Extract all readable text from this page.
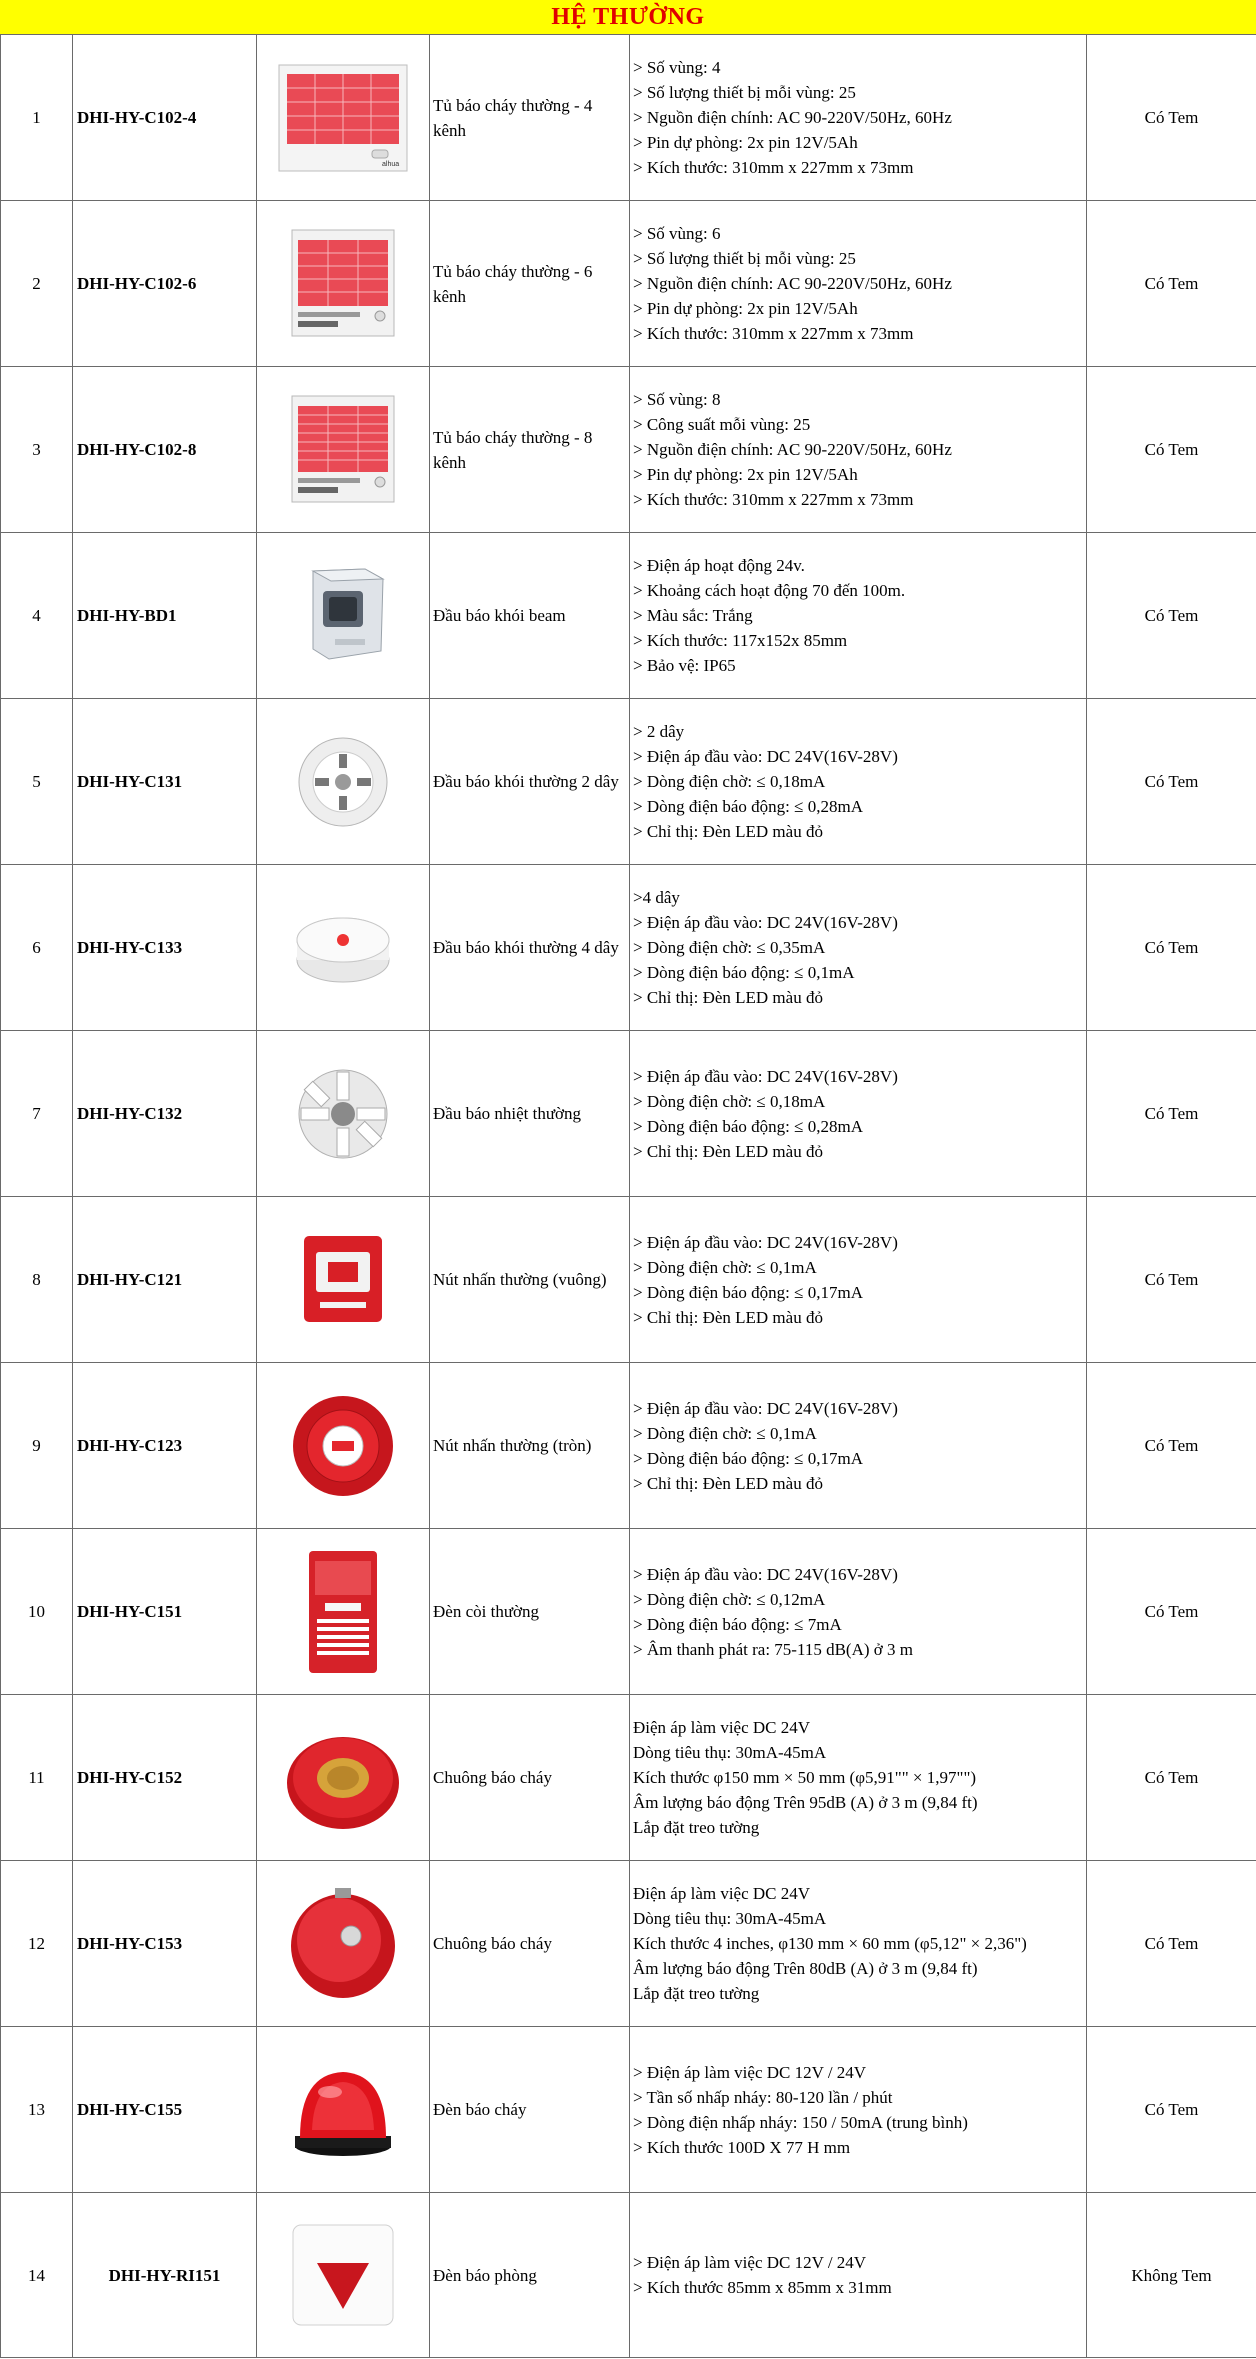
HỆ THƯỜNG
1	DHI-HY-C102-4	alhua	Tủ báo cháy thường - 4 kênh	> Số vùng: 4
> Số lượng thiết bị mỗi vùng: 25
> Nguồn điện chính: AC 90-220V/50Hz, 60Hz
> Pin dự phòng: 2x pin 12V/5Ah
> Kích thước: 310mm x 227mm x 73mm	Có Tem
2	DHI-HY-C102-6		Tủ báo cháy thường - 6 kênh	> Số vùng: 6
> Số lượng thiết bị mỗi vùng: 25
> Nguồn điện chính: AC 90-220V/50Hz, 60Hz
> Pin dự phòng: 2x pin 12V/5Ah
> Kích thước: 310mm x 227mm x 73mm	Có Tem
3	DHI-HY-C102-8		Tủ báo cháy thường - 8 kênh	> Số vùng: 8
> Công suất mỗi vùng: 25
> Nguồn điện chính: AC 90-220V/50Hz, 60Hz
> Pin dự phòng: 2x pin 12V/5Ah
> Kích thước: 310mm x 227mm x 73mm	Có Tem
4	DHI-HY-BD1		Đầu báo khói beam	> Điện áp hoạt động 24v.
> Khoảng cách hoạt động 70 đến 100m.
> Màu sắc: Trắng
> Kích thước: 117x152x 85mm
> Bảo vệ: IP65	Có Tem
5	DHI-HY-C131		Đầu báo khói thường 2 dây	> 2 dây
> Điện áp đầu vào: DC 24V(16V-28V)
> Dòng điện chờ: ≤ 0,18mA
> Dòng điện báo động: ≤ 0,28mA
> Chỉ thị: Đèn LED màu đỏ	Có Tem
6	DHI-HY-C133		Đầu báo khói thường 4 dây	>4 dây
> Điện áp đầu vào: DC 24V(16V-28V)
> Dòng điện chờ: ≤ 0,35mA
> Dòng điện báo động: ≤ 0,1mA
> Chỉ thị: Đèn LED màu đỏ	Có Tem
7	DHI-HY-C132		Đầu báo nhiệt thường	> Điện áp đầu vào: DC 24V(16V-28V)
> Dòng điện chờ: ≤ 0,18mA
> Dòng điện báo động: ≤ 0,28mA
> Chỉ thị: Đèn LED màu đỏ	Có Tem
8	DHI-HY-C121		Nút nhấn thường (vuông)	> Điện áp đầu vào: DC 24V(16V-28V)
> Dòng điện chờ: ≤ 0,1mA
> Dòng điện báo động: ≤ 0,17mA
> Chỉ thị: Đèn LED màu đỏ	Có Tem
9	DHI-HY-C123		Nút nhấn thường (tròn)	> Điện áp đầu vào: DC 24V(16V-28V)
> Dòng điện chờ: ≤ 0,1mA
> Dòng điện báo động: ≤ 0,17mA
> Chỉ thị: Đèn LED màu đỏ	Có Tem
10	DHI-HY-C151		Đèn còi thường	> Điện áp đầu vào: DC 24V(16V-28V)
> Dòng điện chờ: ≤ 0,12mA
> Dòng điện báo động: ≤ 7mA
> Âm thanh phát ra: 75-115 dB(A) ở 3 m	Có Tem
11	DHI-HY-C152		Chuông báo cháy	Điện áp làm việc DC 24V
Dòng tiêu thụ: 30mA-45mA
Kích thước φ150 mm × 50 mm (φ5,91"" × 1,97"")
Âm lượng báo động Trên 95dB (A) ở 3 m (9,84 ft)
Lắp đặt treo tường	Có Tem
12	DHI-HY-C153		Chuông báo cháy	Điện áp làm việc DC 24V
Dòng tiêu thụ: 30mA-45mA
Kích thước 4 inches, φ130 mm × 60 mm (φ5,12" × 2,36")
Âm lượng báo động Trên 80dB (A) ở 3 m (9,84 ft)
Lắp đặt treo tường	Có Tem
13	DHI-HY-C155		Đèn báo cháy	> Điện áp làm việc DC 12V / 24V
> Tần số nhấp nháy: 80-120 lần / phút
> Dòng điện nhấp nháy: 150 / 50mA (trung bình)
> Kích thước 100D X 77 H mm	Có Tem
14	DHI-HY-RI151		Đèn báo phòng	> Điện áp làm việc DC 12V / 24V
> Kích thước 85mm x 85mm x 31mm	Không Tem
